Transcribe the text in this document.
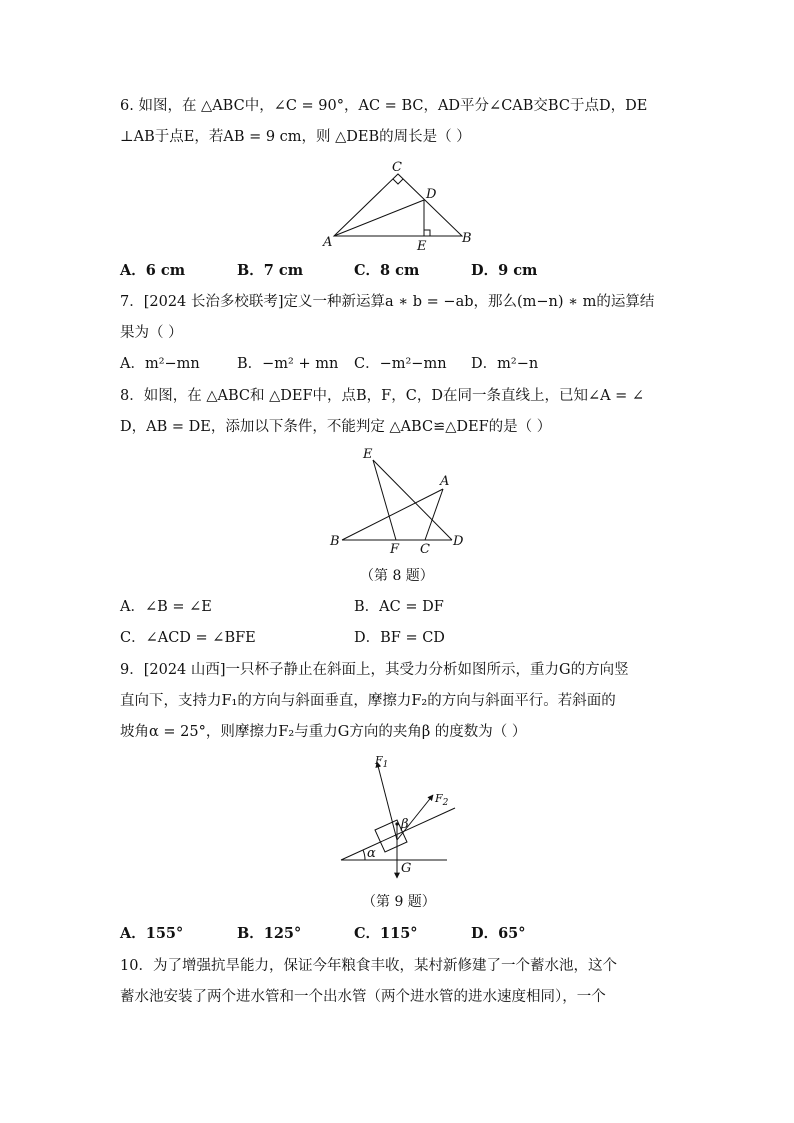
6. 如图，在 △ABC中，∠C = 90°，AC = BC，AD平分∠CAB交BC于点D，DE
⊥AB于点E，若AB = 9 cm，则 △DEB的周长是（ ）
A	B
C
D
E
A．6 cm	B．7 cm	C．8 cm	D．9 cm
7．[2024 长治多校联考]定义一种新运算a ∗ b = −ab，那么(m−n) ∗ m的运算结
果为（ ）
A．m²−mn	B．−m² + mn C．−m²−mn D．m²−n
8．如图，在 △ABC和 △DEF中，点B，F，C，D在同一条直线上，已知∠A = ∠
D，AB = DE，添加以下条件，不能判定 △ABC≌△DEF的是（ ）
E
A
B
F C
D
（第 8 题）
A．∠B = ∠E	B．AC = DF
C．∠ACD = ∠BFE	D．BF = CD
9．[2024 山西]一只杯子静止在斜面上，其受力分析如图所示，重力G的方向竖
直向下，支持力F₁的方向与斜面垂直，摩擦力F₂的方向与斜面平行。若斜面的
坡角α = 25°，则摩擦力F₂与重力G方向的夹角β 的度数为（ ）
$F_1$
$F_2$
β
α
G
（第 9 题）
A．155°	B．125°	C．115°	D．65°
10．为了增强抗旱能力，保证今年粮食丰收，某村新修建了一个蓄水池，这个
蓄水池安装了两个进水管和一个出水管（两个进水管的进水速度相同），一个
